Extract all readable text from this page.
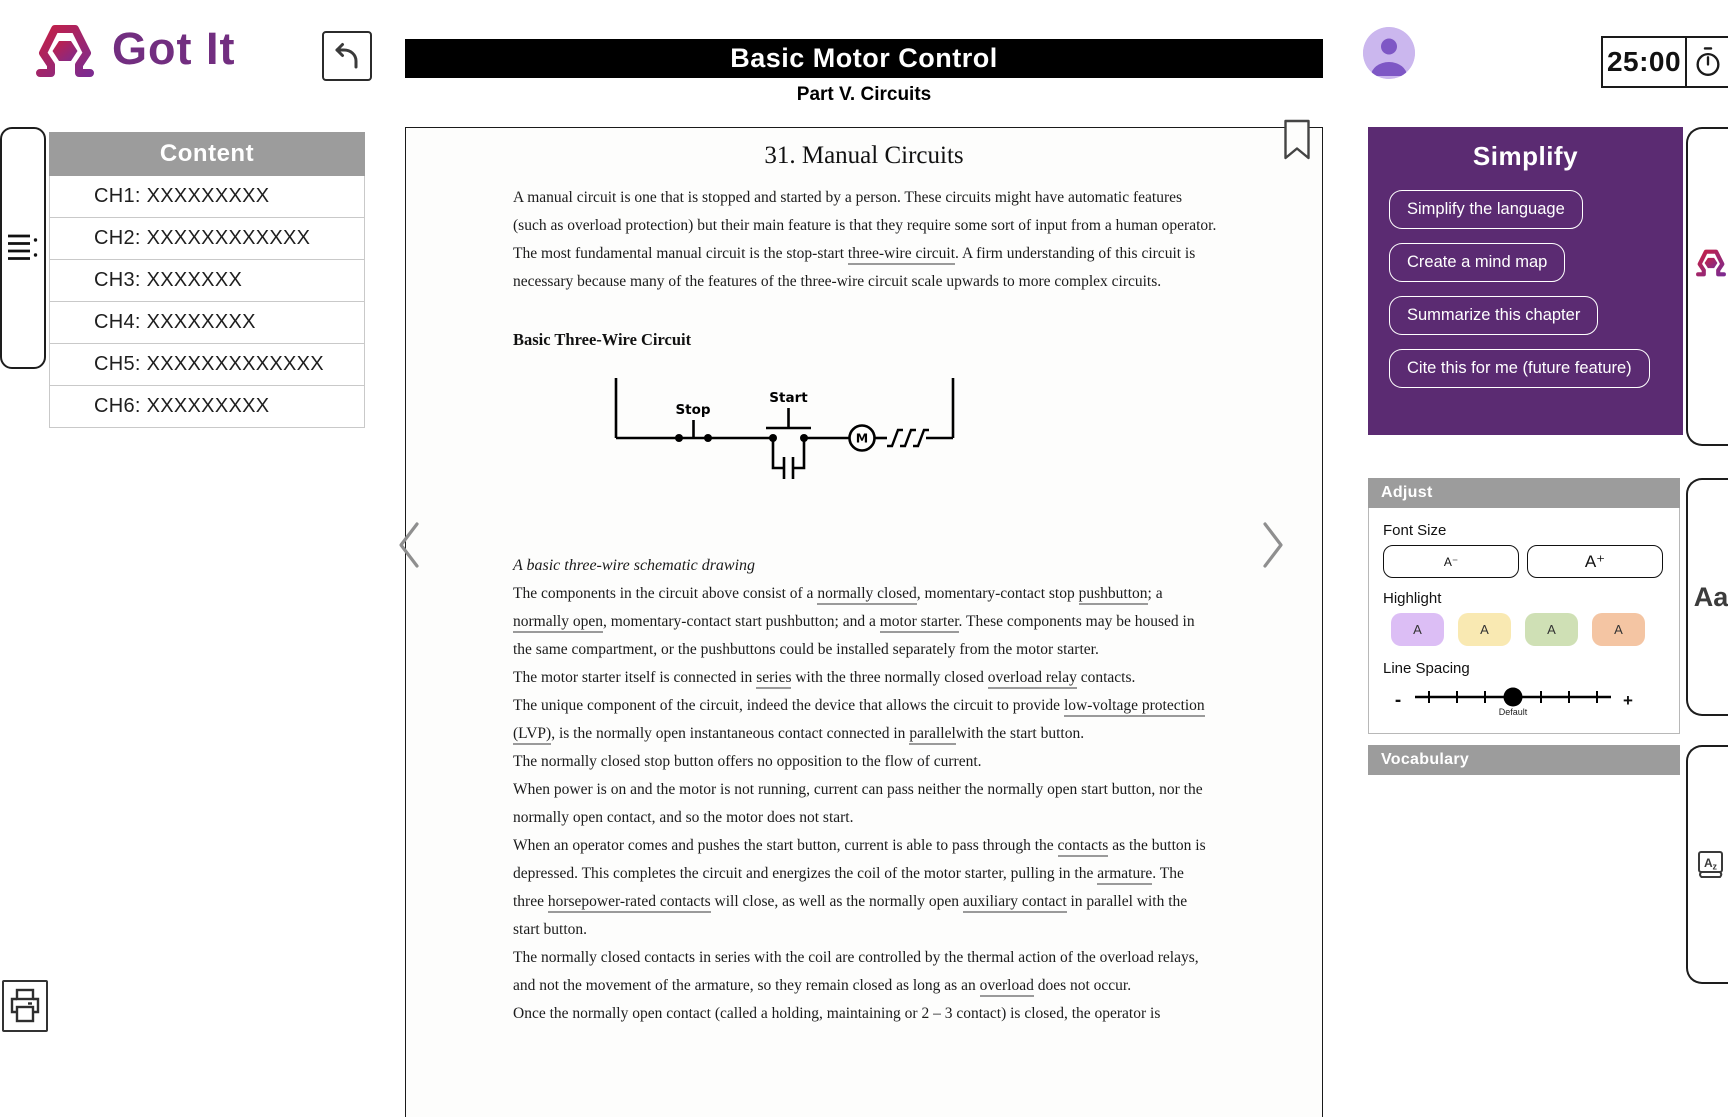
Got It	Basic Motor Control
Part V. Circuits
25:00
Content
CH1: XXXXXXXXX
CH2: XXXXXXXXXXXX
CH3: XXXXXXX
CH4: XXXXXXXX
CH5: XXXXXXXXXXXXX
CH6: XXXXXXXXX
31. Manual Circuits

A manual circuit is one that is stopped and started by a person. These circuits might have automatic features (such as overload protection) but their main feature is that they require some sort of input from a human operator.

The most fundamental manual circuit is the stop-start three-wire circuit. A firm understanding of this circuit is necessary because many of the features of the three-wire circuit scale upwards to more complex circuits.

Basic Three-Wire Circuit
Stop
Start
M

A basic three-wire schematic drawing

The components in the circuit above consist of a normally closed, momentary-contact stop pushbutton; a normally open, momentary-contact start pushbutton; and a motor starter. These components may be housed in the same compartment, or the pushbuttons could be installed separately from the motor starter.

The motor starter itself is connected in series with the three normally closed overload relay contacts.

The unique component of the circuit, indeed the device that allows the circuit to provide low-voltage protection (LVP), is the normally open instantaneous contact connected in parallelwith the start button.

The normally closed stop button offers no opposition to the flow of current.

When power is on and the motor is not running, current can pass neither the normally open start button, nor the normally open contact, and so the motor does not start.

When an operator comes and pushes the start button, current is able to pass through the contacts as the button is depressed. This completes the circuit and energizes the coil of the motor starter, pulling in the armature. The three horsepower-rated contacts will close, as well as the normally open auxiliary contact in parallel with the start button.

The normally closed contacts in series with the coil are controlled by the thermal action of the overload relays, and not the movement of the armature, so they remain closed as long as an overload does not occur.

Once the normally open contact (called a holding, maintaining or 2 – 3 contact) is closed, the operator is

Simplify
Simplify the language
Create a mind map
Summarize this chapter
Cite this for me (future feature)
Adjust
Font Size
A⁻	A⁺
Highlight
A	A	A	A
Line Spacing
-
Default
+
Vocabulary
Aa
A z
